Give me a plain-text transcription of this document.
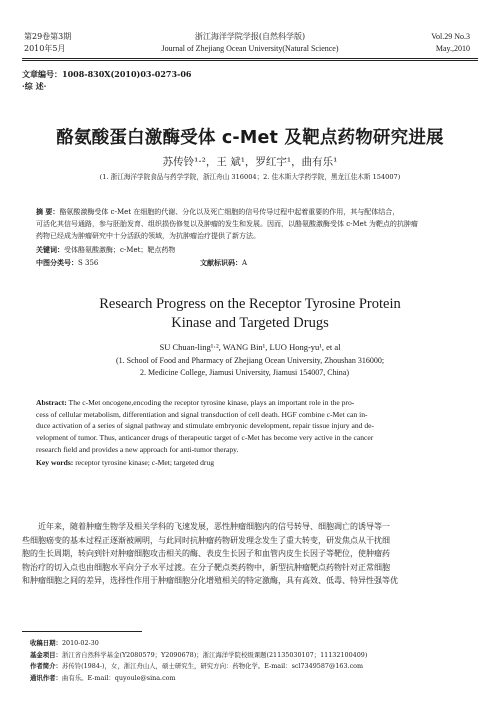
第29卷第3期
2010年5月
浙江海洋学院学报(自然科学版)
Journal of Zhejiang Ocean University(Natural Science)
Vol.29 No.3
May.,2010
文章编号：1008-830X(2010)03-0273-06
·综 述·
酪氨酸蛋白激酶受体 c-Met 及靶点药物研究进展
苏传铃¹·²，王 斌¹，罗红宇¹，曲有乐¹
(1. 浙江海洋学院食品与药学学院，浙江舟山 316004；2. 佳木斯大学药学院，黑龙江佳木斯 154007)
摘 要：酪氨酸激酶受体 c-Met 在细胞的代谢、分化以及死亡细胞的信号传导过程中起着重要的作用，其与配体结合，
可活化其信号通路，参与胚胎发育、组织损伤修复以及肿瘤的发生和发展。因而，以酪氨酸激酶受体 c-Met 为靶点的抗肿瘤
药物已经成为肿瘤研究中十分活跃的领域，为抗肿瘤治疗提供了新方法。
关键词：受体酪氨酸激酶；c-Met；靶点药物
中图分类号：S 356	文献标识码：A
Research Progress on the Receptor Tyrosine Protein
Kinase and Targeted Drugs
SU Chuan-ling¹·², WANG Bin¹, LUO Hong-yu¹, et al
(1. School of Food and Pharmacy of Zhejiang Ocean University, Zhoushan 316000;
2. Medicine College, Jiamusi University, Jiamusi 154007, China)
Abstract: The c-Met oncogene,encoding the receptor tyrosine kinase, plays an important role in the pro-
cess of cellular metabolism, differentiation and signal transduction of cell death. HGF combine c-Met can in-
duce activation of a series of signal pathway and stimulate embryonic development, repair tissue injury and de-
velopment of tumor. Thus, anticancer drugs of therapeutic target of c-Met has become very active in the cancer
research field and provides a new approach for anti-tumor therapy.
Key words: receptor tyrosine kinase; c-Met; targeted drug
近年来，随着肿瘤生物学及相关学科的飞速发展，恶性肿瘤细胞内的信号转导、细胞凋亡的诱导等一
些细胞癌变的基本过程正逐渐被阐明，与此同时抗肿瘤药物研发理念发生了重大转变，研发焦点从干扰细
胞的生长周期，转向到针对肿瘤细胞攻击相关的酶、表皮生长因子和血管内皮生长因子等靶位，使肿瘤药
物治疗的切入点也由细胞水平向分子水平过渡。在分子靶点类药物中，新型抗肿瘤靶点药物针对正常细胞
和肿瘤细胞之间的差异，选择性作用于肿瘤细胞分化增殖相关的特定激酶，具有高效、低毒、特异性强等优
收稿日期：2010-02-30
基金项目：浙江省自然科学基金(Y2080579；Y2090678)；浙江海洋学院校级课题(21135030107；11132100409)
作者简介：苏传铃(1984-)，女，浙江舟山人，硕士研究生，研究方向：药物化学。E-mail：scl7349587@163.com
通讯作者：曲有乐。E-mail：quyoule@sina.com
